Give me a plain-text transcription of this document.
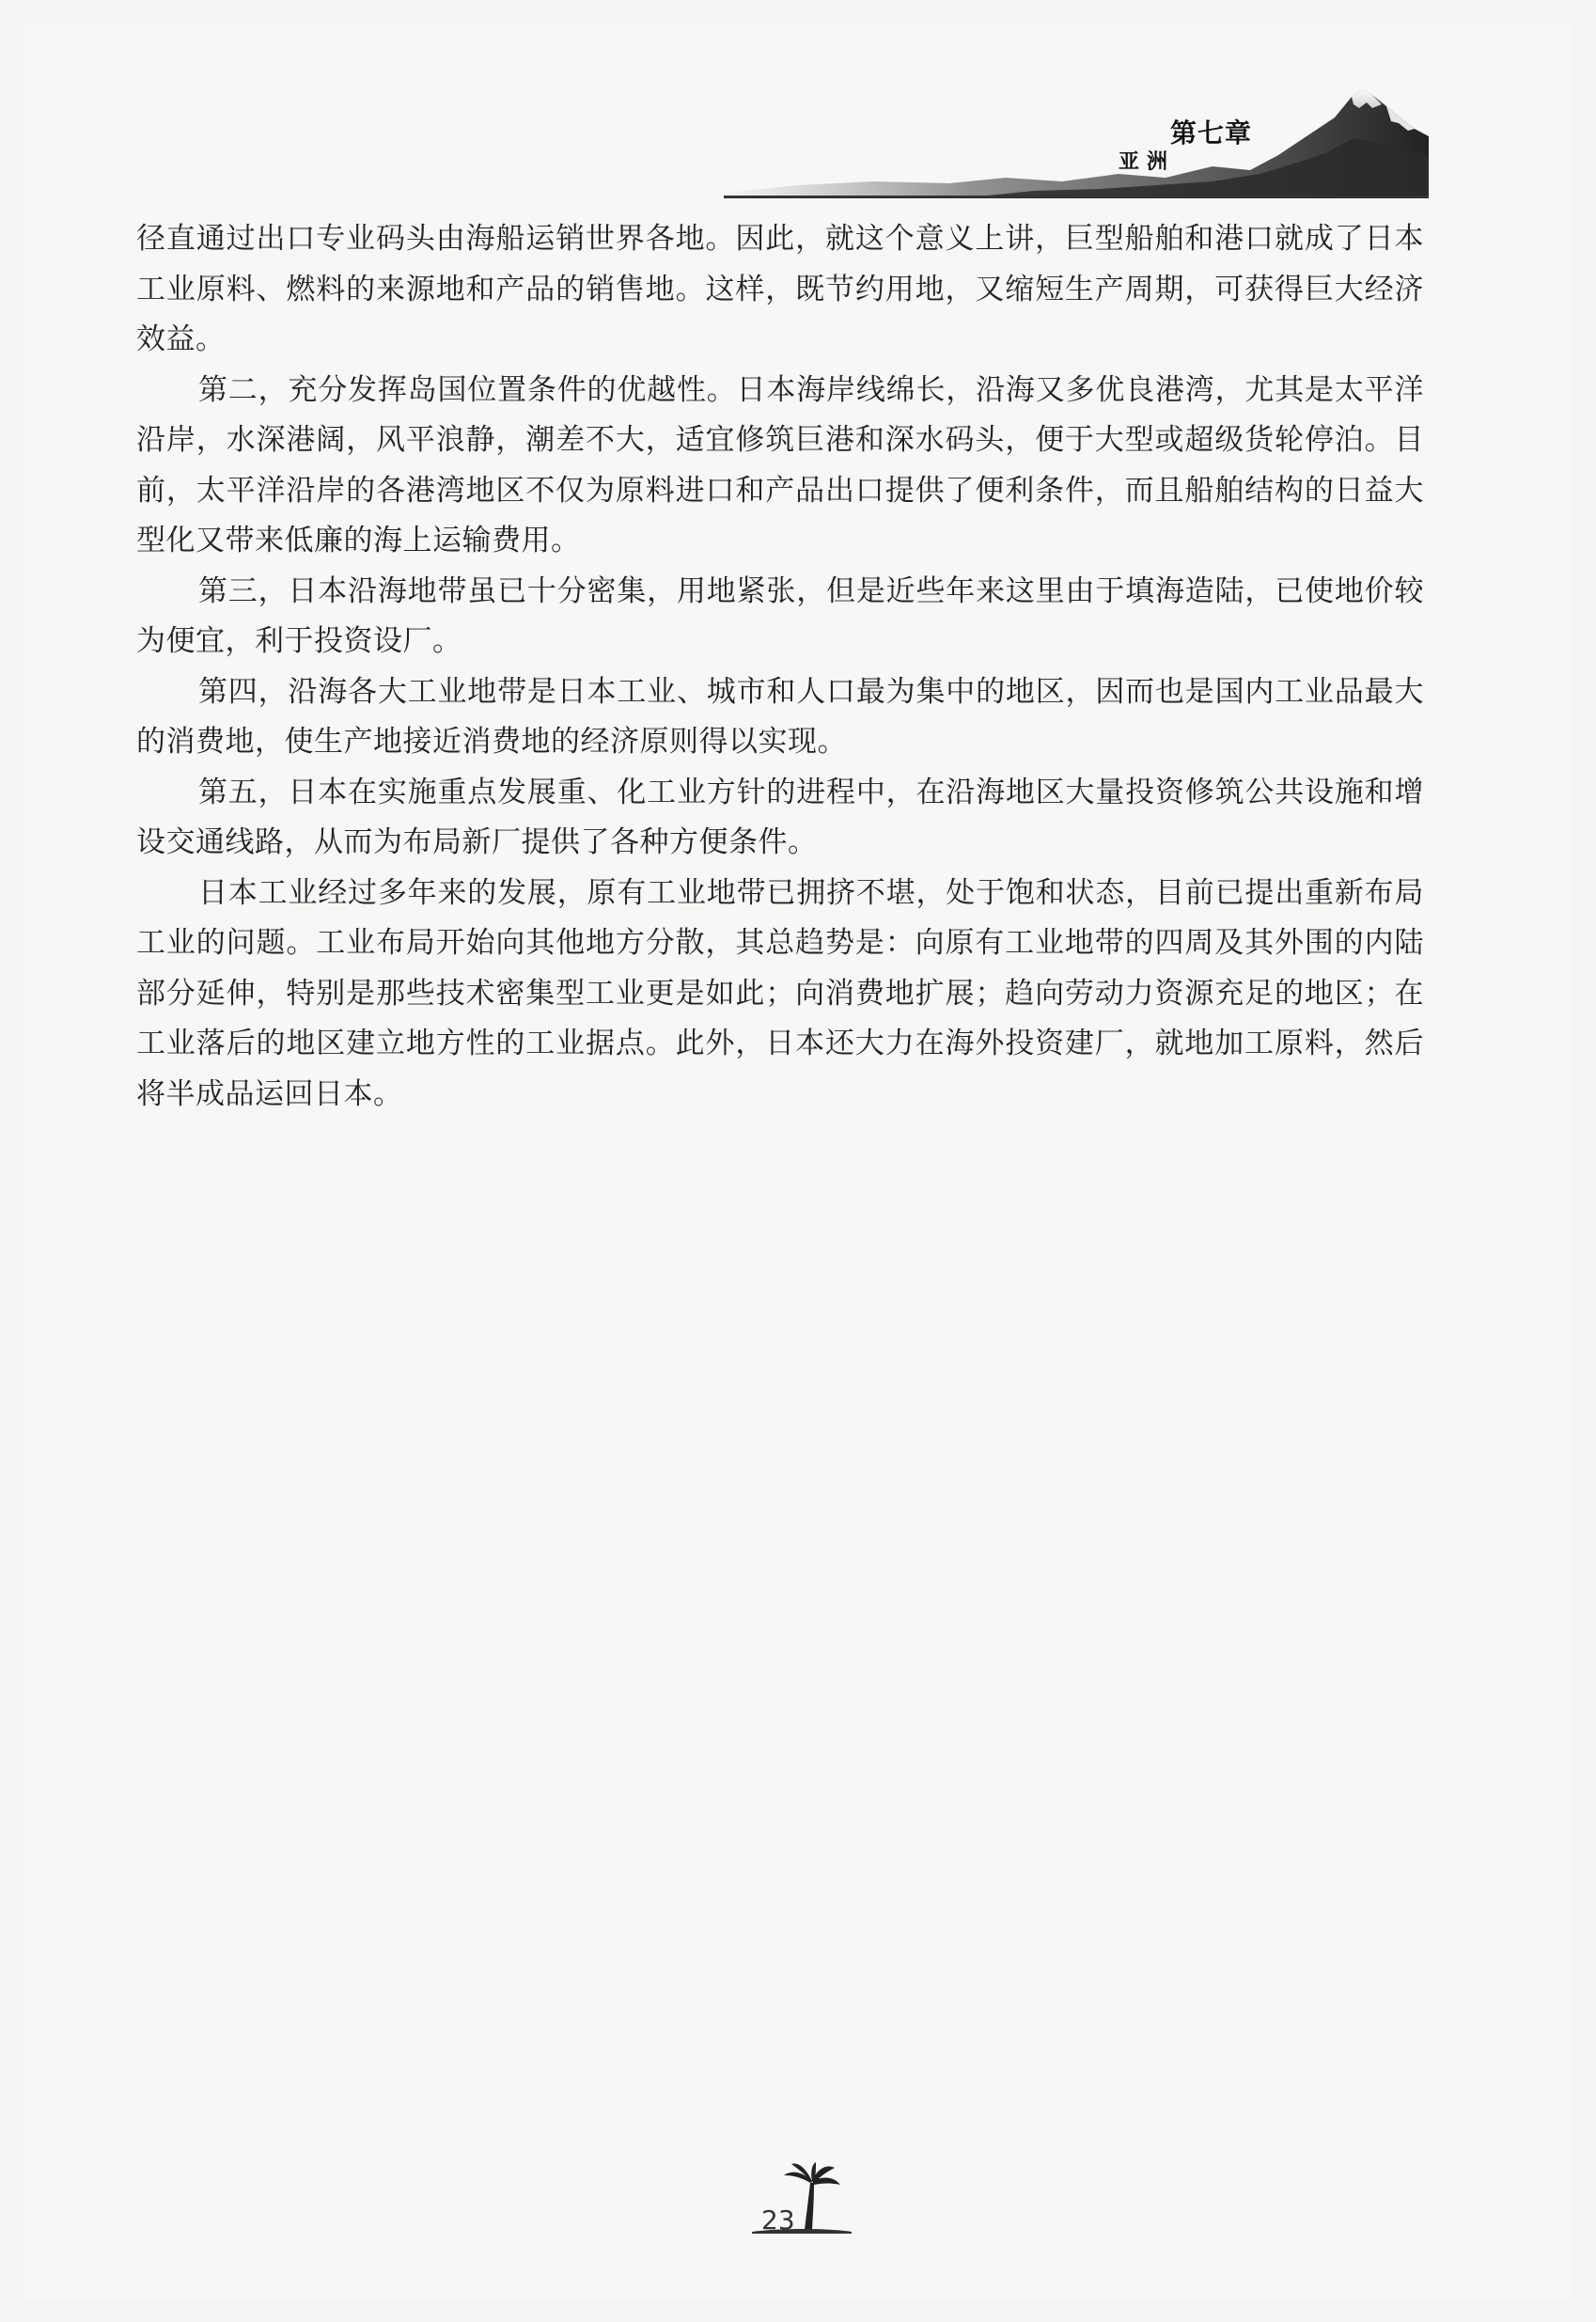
第七章
亚洲

径直通过出口专业码头由海船运销世界各地。因此，就这个意义上讲，巨型船舶和港口就成了日本工业原料、燃料的来源地和产品的销售地。这样，既节约用地，又缩短生产周期，可获得巨大经济效益。

第二，充分发挥岛国位置条件的优越性。日本海岸线绵长，沿海又多优良港湾，尤其是太平洋沿岸，水深港阔，风平浪静，潮差不大，适宜修筑巨港和深水码头，便于大型或超级货轮停泊。目前，太平洋沿岸的各港湾地区不仅为原料进口和产品出口提供了便利条件，而且船舶结构的日益大型化又带来低廉的海上运输费用。

第三，日本沿海地带虽已十分密集，用地紧张，但是近些年来这里由于填海造陆，已使地价较为便宜，利于投资设厂。

第四，沿海各大工业地带是日本工业、城市和人口最为集中的地区，因而也是国内工业品最大的消费地，使生产地接近消费地的经济原则得以实现。

第五，日本在实施重点发展重、化工业方针的进程中，在沿海地区大量投资修筑公共设施和增设交通线路，从而为布局新厂提供了各种方便条件。

日本工业经过多年来的发展，原有工业地带已拥挤不堪，处于饱和状态，目前已提出重新布局工业的问题。工业布局开始向其他地方分散，其总趋势是：向原有工业地带的四周及其外围的内陆部分延伸，特别是那些技术密集型工业更是如此；向消费地扩展；趋向劳动力资源充足的地区；在工业落后的地区建立地方性的工业据点。此外，日本还大力在海外投资建厂，就地加工原料，然后将半成品运回日本。

23
